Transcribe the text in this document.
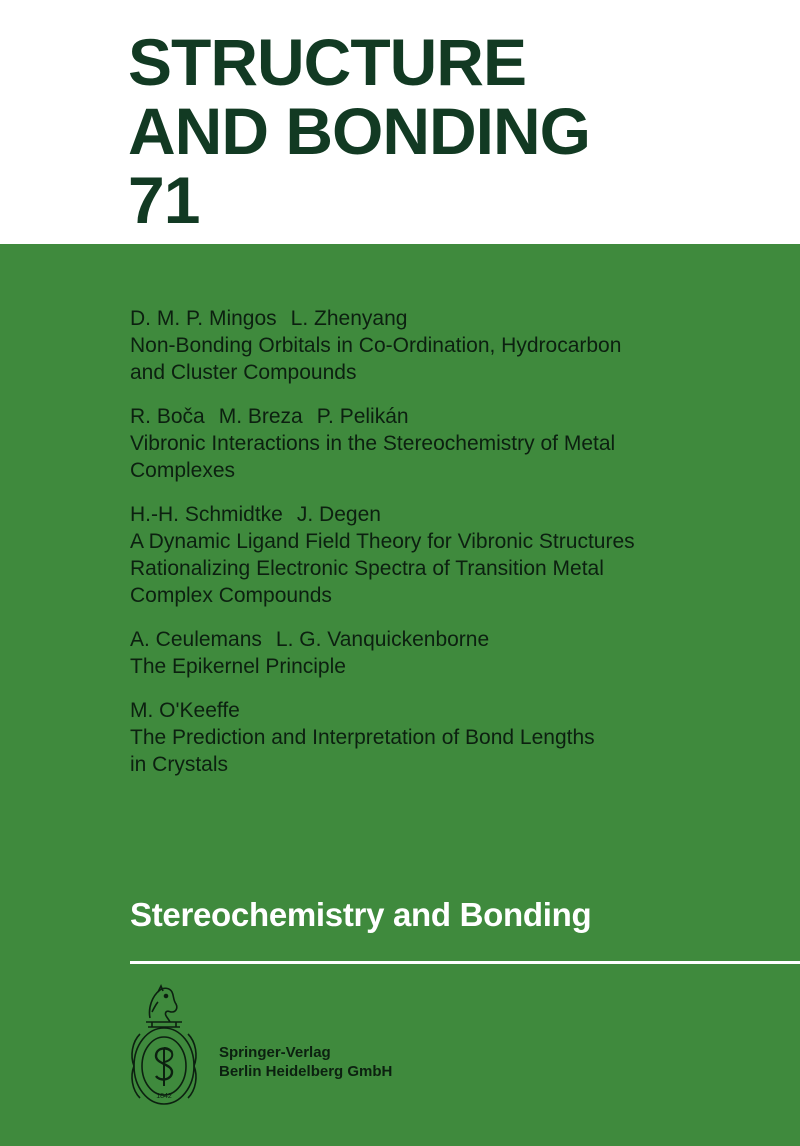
STRUCTURE
AND BONDING
71
D. M. P. Mingos L. Zhenyang
Non-Bonding Orbitals in Co-Ordination, Hydrocarbon
and Cluster Compounds
R. Boča M. Breza P. Pelikán
Vibronic Interactions in the Stereochemistry of Metal
Complexes
H.-H. Schmidtke J. Degen
A Dynamic Ligand Field Theory for Vibronic Structures
Rationalizing Electronic Spectra of Transition Metal
Complex Compounds
A. Ceulemans L. G. Vanquickenborne
The Epikernel Principle
M. O'Keeffe
The Prediction and Interpretation of Bond Lengths
in Crystals
Stereochemistry and Bonding
1842
Springer-Verlag
Berlin Heidelberg GmbH
